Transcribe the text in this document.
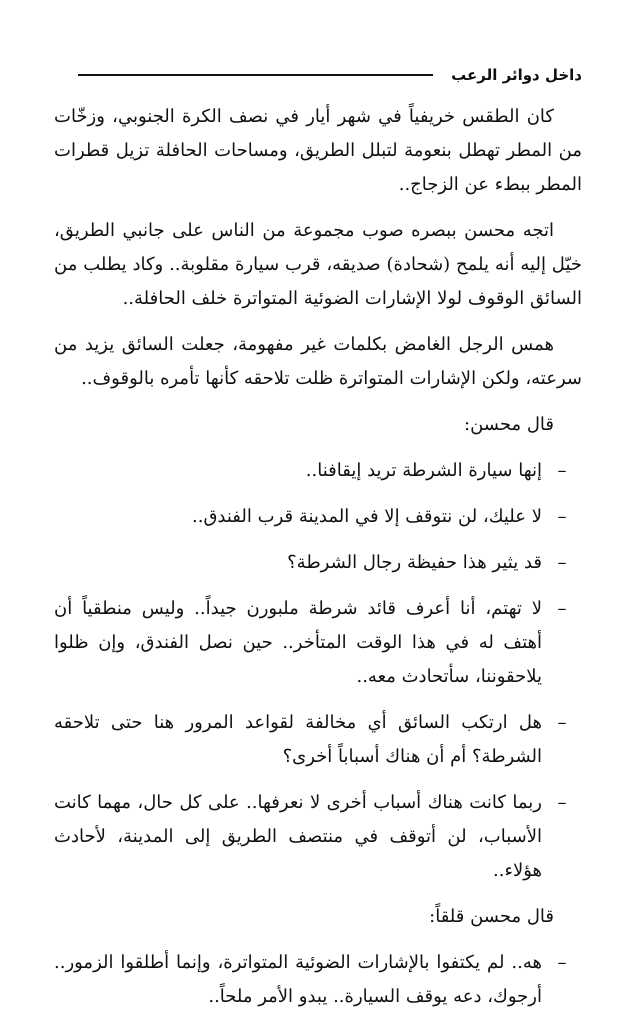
داخل دوائر الرعب

كان الطقس خريفياً في شهر أيار في نصف الكرة الجنوبي، وزخّات من المطر تهطل بنعومة لتبلل الطريق، ومساحات الحافلة تزيل قطرات المطر ببطء عن الزجاج..

اتجه محسن ببصره صوب مجموعة من الناس على جانبي الطريق، خيّل إليه أنه يلمح (شحادة) صديقه، قرب سيارة مقلوبة.. وكاد يطلب من السائق الوقوف لولا الإشارات الضوئية المتواترة خلف الحافلة..

همس الرجل الغامض بكلمات غير مفهومة، جعلت السائق يزيد من سرعته، ولكن الإشارات المتواترة ظلت تلاحقه كأنها تأمره بالوقوف..

قال محسن:

–
إنها سيارة الشرطة تريد إيقافنا..
–
لا عليك، لن نتوقف إلا في المدينة قرب الفندق..
–
قد يثير هذا حفيظة رجال الشرطة؟
–
لا تهتم، أنا أعرف قائد شرطة ملبورن جيداً.. وليس منطقياً أن أهتف له في هذا الوقت المتأخر.. حين نصل الفندق، وإن ظلوا يلاحقوننا، سأتحادث معه..
–
هل ارتكب السائق أي مخالفة لقواعد المرور هنا حتى تلاحقه الشرطة؟ أم أن هناك أسباباً أخرى؟
–
ربما كانت هناك أسباب أخرى لا نعرفها.. على كل حال، مهما كانت الأسباب، لن أتوقف في منتصف الطريق إلى المدينة، لأحادث هؤلاء..

قال محسن قلقاً:

–
هه.. لم يكتفوا بالإشارات الضوئية المتواترة، وإنما أطلقوا الزمور.. أرجوك، دعه يوقف السيارة.. يبدو الأمر ملحاً..
